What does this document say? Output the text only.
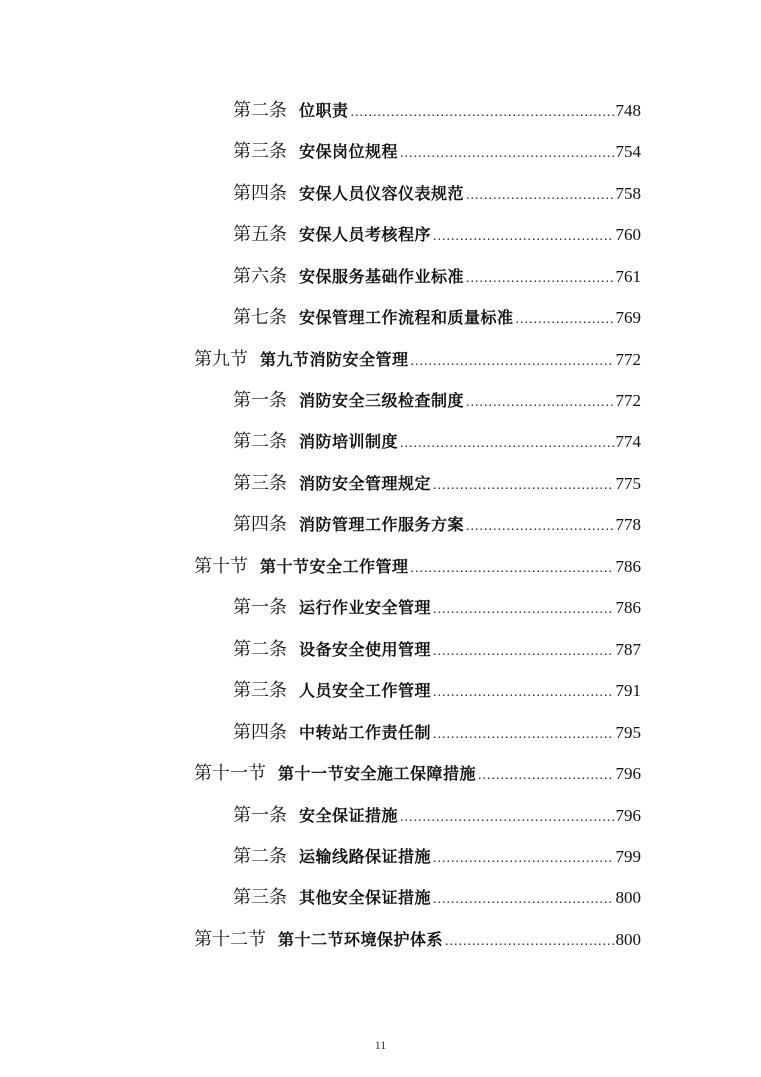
第二条 位职责 .....	748
第三条 安保岗位规程 .....	754
第四条 安保人员仪容仪表规范 .....	758
第五条 安保人员考核程序 .....	760
第六条 安保服务基础作业标准 .....	761
第七条 安保管理工作流程和质量标准 .....	769
第九节 第九节消防安全管理 .....	772
第一条 消防安全三级检查制度 .....	772
第二条 消防培训制度 .....	774
第三条 消防安全管理规定 .....	775
第四条 消防管理工作服务方案 .....	778
第十节 第十节安全工作管理 .....	786
第一条 运行作业安全管理 .....	786
第二条 设备安全使用管理 .....	787
第三条 人员安全工作管理 .....	791
第四条 中转站工作责任制 .....	795
第十一节 第十一节安全施工保障措施 .....	796
第一条 安全保证措施 .....	796
第二条 运输线路保证措施 .....	799
第三条 其他安全保证措施 .....	800
第十二节 第十二节环境保护体系 .....	800
11
